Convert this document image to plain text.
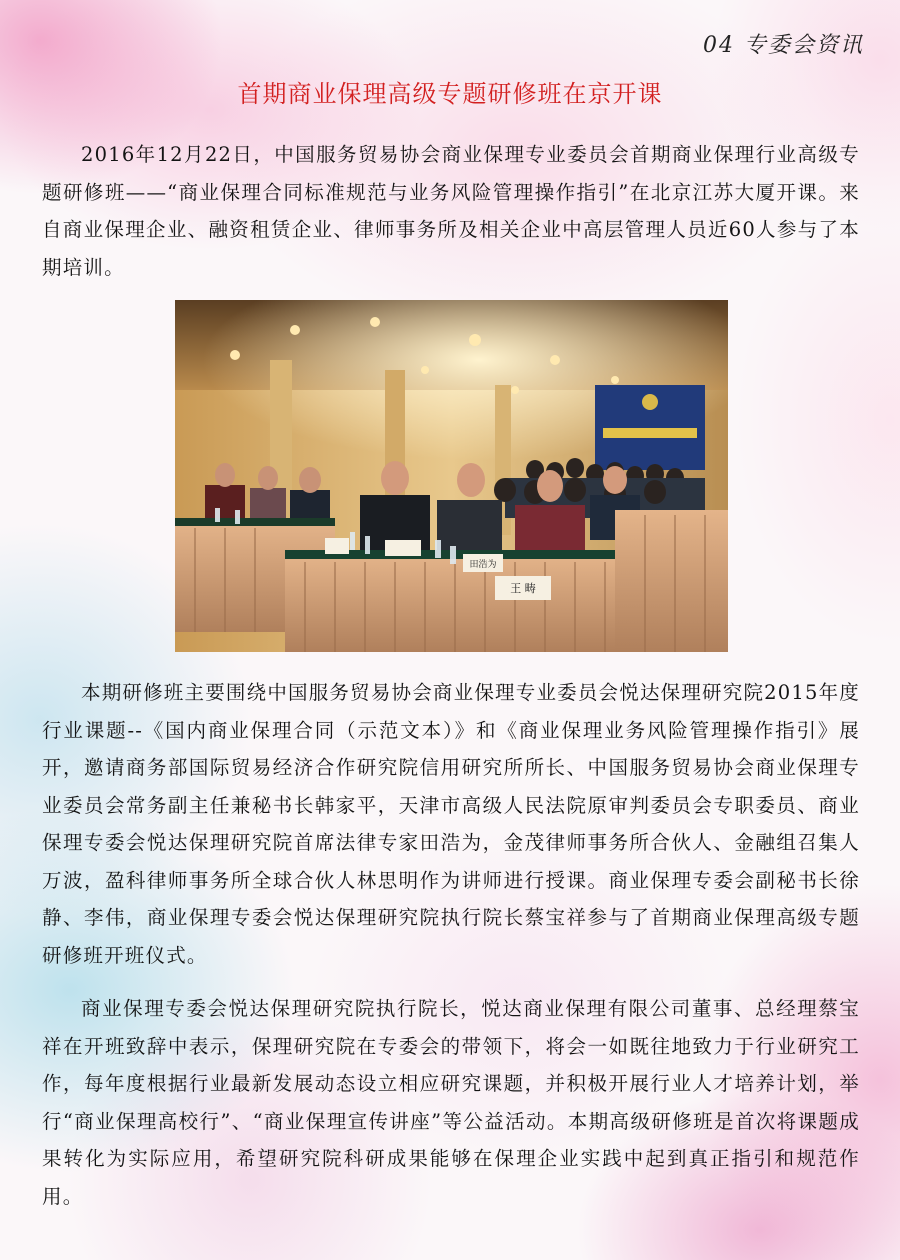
04 专委会资讯
首期商业保理高级专题研修班在京开课

2016年12月22日，中国服务贸易协会商业保理专业委员会首期商业保理行业高级专题研修班——“商业保理合同标准规范与业务风险管理操作指引”在北京江苏大厦开课。来自商业保理企业、融资租赁企业、律师事务所及相关企业中高层管理人员近60人参与了本期培训。

田浩为
王 畴

本期研修班主要围绕中国服务贸易协会商业保理专业委员会悦达保理研究院2015年度行业课题--《国内商业保理合同（示范文本）》和《商业保理业务风险管理操作指引》展开，邀请商务部国际贸易经济合作研究院信用研究所所长、中国服务贸易协会商业保理专业委员会常务副主任兼秘书长韩家平，天津市高级人民法院原审判委员会专职委员、商业保理专委会悦达保理研究院首席法律专家田浩为，金茂律师事务所合伙人、金融组召集人万波，盈科律师事务所全球合伙人林思明作为讲师进行授课。商业保理专委会副秘书长徐静、李伟，商业保理专委会悦达保理研究院执行院长蔡宝祥参与了首期商业保理高级专题研修班开班仪式。

商业保理专委会悦达保理研究院执行院长，悦达商业保理有限公司董事、总经理蔡宝祥在开班致辞中表示，保理研究院在专委会的带领下，将会一如既往地致力于行业研究工作，每年度根据行业最新发展动态设立相应研究课题，并积极开展行业人才培养计划，举行“商业保理高校行”、“商业保理宣传讲座”等公益活动。本期高级研修班是首次将课题成果转化为实际应用，希望研究院科研成果能够在保理企业实践中起到真正指引和规范作用。
